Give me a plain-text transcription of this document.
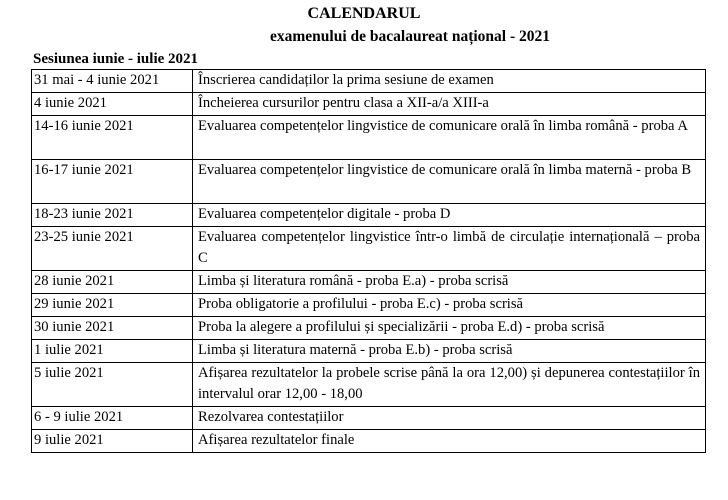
CALENDARUL
examenului de bacalaureat național - 2021
Sesiunea iunie - iulie 2021
31 mai - 4 iunie 2021	Înscrierea candidaților la prima sesiune de examen
4 iunie 2021	Încheierea cursurilor pentru clasa a XII-a/a XIII-a
14-16 iunie 2021	Evaluarea competențelor lingvistice de comunicare orală în limba română - proba A
16-17 iunie 2021	Evaluarea competențelor lingvistice de comunicare orală în limba maternă - proba B
18-23 iunie 2021	Evaluarea competențelor digitale - proba D
23-25 iunie 2021	Evaluarea competențelor lingvistice într-o limbă de circulație internațională – proba C
28 iunie 2021	Limba și literatura română - proba E.a) - proba scrisă
29 iunie 2021	Proba obligatorie a profilului - proba E.c) - proba scrisă
30 iunie 2021	Proba la alegere a profilului și specializării - proba E.d) - proba scrisă
1 iulie 2021	Limba și literatura maternă - proba E.b) - proba scrisă
5 iulie 2021	Afișarea rezultatelor la probele scrise până la ora 12,00) și depunerea contestațiilor în intervalul orar 12,00 - 18,00
6 - 9 iulie 2021	Rezolvarea contestațiilor
9 iulie 2021	Afișarea rezultatelor finale
